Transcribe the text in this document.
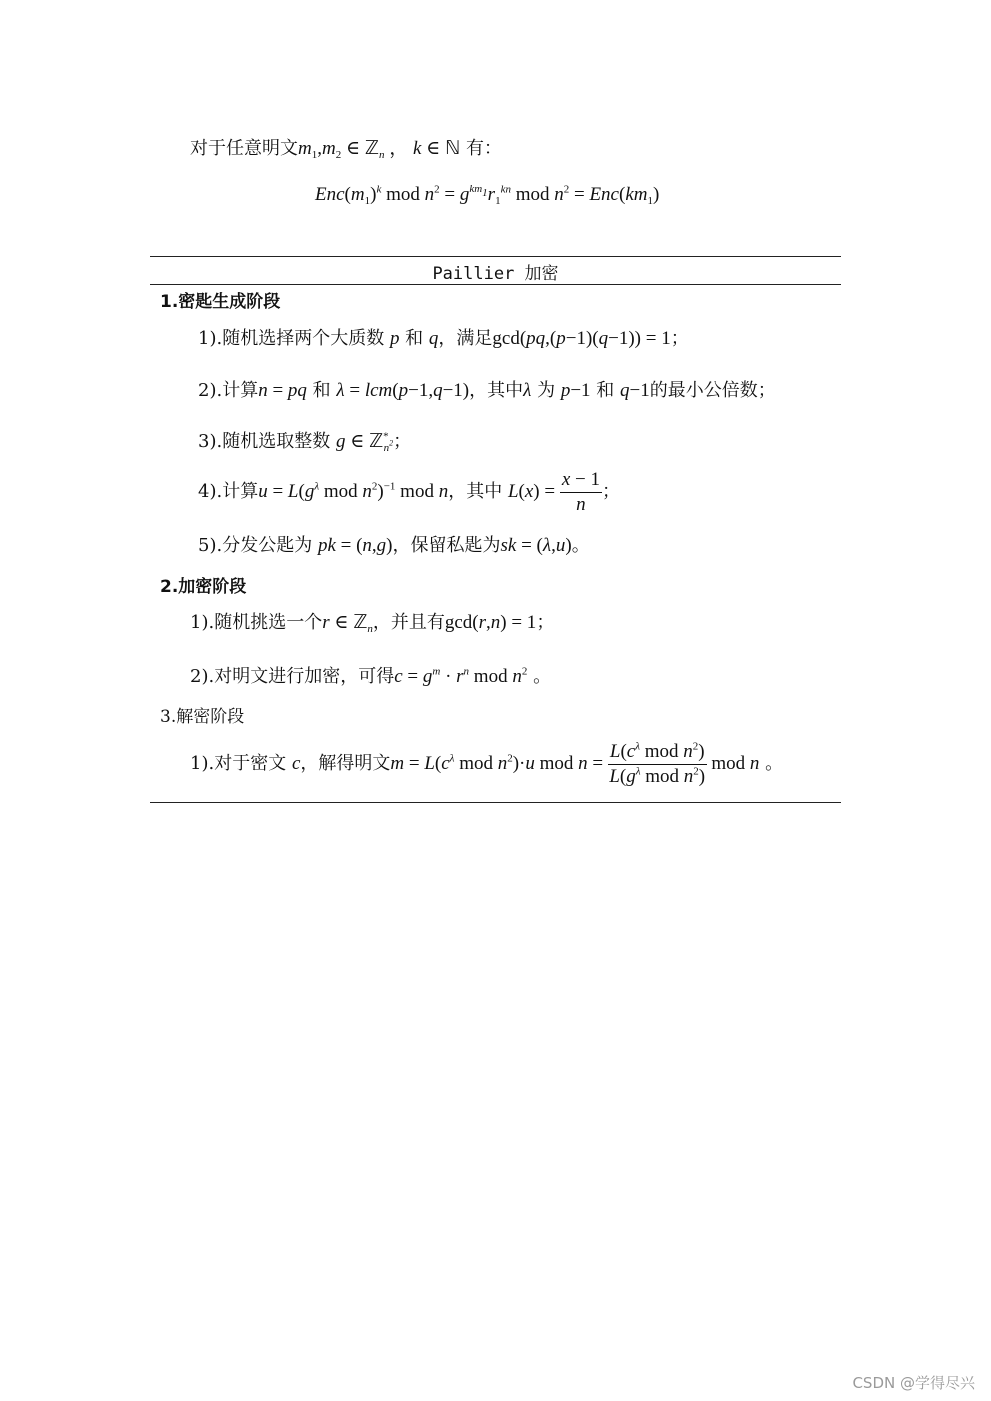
对于任意明文$m_1,m_2$ ∈ ℤ$_n$ ， k ∈ ℕ 有：
$Enc(m_1)^k$ mod $n^2 = g^{km_1}r_1^{kn}$ mod $n^2 = Enc(km_1)$
Paillier 加密
1.密匙生成阶段
1).随机选择两个大质数 p 和 q，满足gcd(pq,(p−1)(q−1)) = 1；
2).计算n = pq 和 λ = lcm(p−1,q−1)，其中λ 为 p−1 和 q−1的最小公倍数；
3).随机选取整数 g ∈ ℤ*$_{n^2}$；
4).计算$u = L(g^\lambda$ mod $n^2)^{-1}$ mod n，其中 $L(x) = \frac{x - 1}{n}$ ；
5).分发公匙为 pk = (n,g)，保留私匙为sk = (λ,u)。
2.加密阶段
1).随机挑选一个r ∈ ℤ$_n$，并且有gcd(r,n) = 1；
2).对明文进行加密，可得$c = g^m \cdot r^n$ mod $n^2$ 。
3.解密阶段
1).对于密文 c，解得明文$m = L(c^\lambda$ mod $n^2)\cdot u$ mod $n = \frac{L(c^\lambda mod n^2)}{L(g^\lambda mod n^2)}$ mod n 。
CSDN @学得尽兴
